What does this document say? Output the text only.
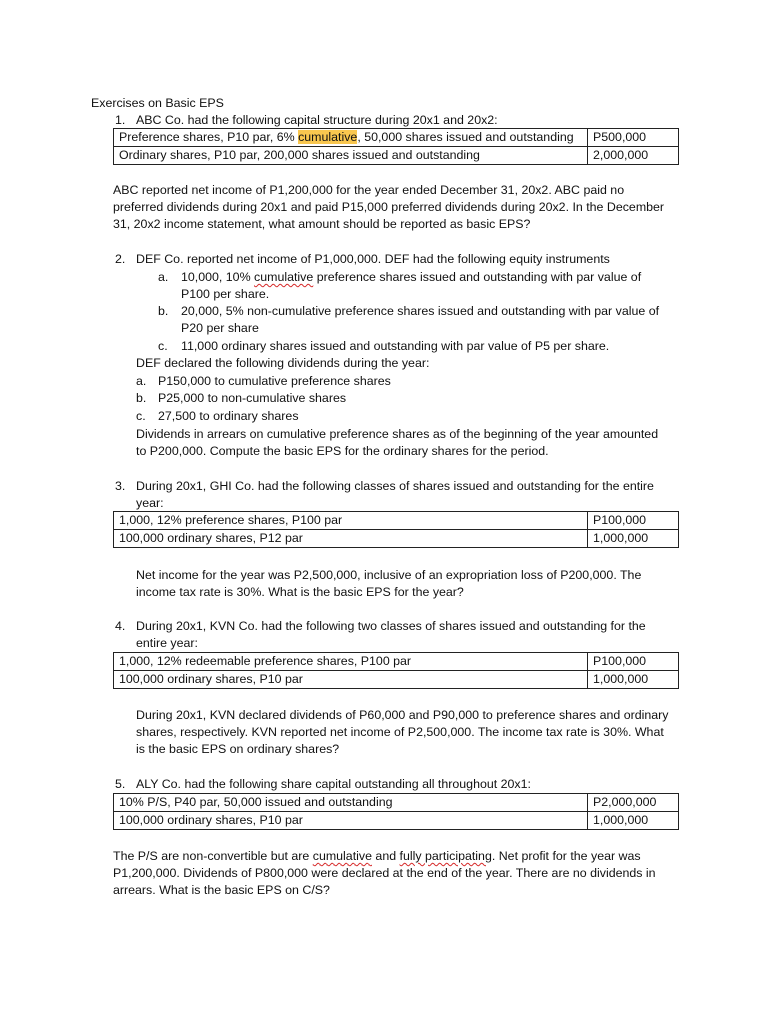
Exercises on Basic EPS

1. ABC Co. had the following capital structure during 20x1 and 20x2:

Preference shares, P10 par, 6% cumulative, 50,000 shares issued and outstanding	P500,000
Ordinary shares, P10 par, 200,000 shares issued and outstanding	2,000,000

ABC reported net income of P1,200,000 for the year ended December 31, 20x2. ABC paid no

preferred dividends during 20x1 and paid P15,000 preferred dividends during 20x2. In the December

31, 20x2 income statement, what amount should be reported as basic EPS?

2. DEF Co. reported net income of P1,000,000. DEF had the following equity instruments

a. 10,000, 10% cumulative preference shares issued and outstanding with par value of

P100 per share.

b. 20,000, 5% non-cumulative preference shares issued and outstanding with par value of

P20 per share

c. 11,000 ordinary shares issued and outstanding with par value of P5 per share.

DEF declared the following dividends during the year:

a. P150,000 to cumulative preference shares

b. P25,000 to non-cumulative shares

c. 27,500 to ordinary shares

Dividends in arrears on cumulative preference shares as of the beginning of the year amounted

to P200,000. Compute the basic EPS for the ordinary shares for the period.

3. During 20x1, GHI Co. had the following classes of shares issued and outstanding for the entire

year:

1,000, 12% preference shares, P100 par	P100,000
100,000 ordinary shares, P12 par	1,000,000

Net income for the year was P2,500,000, inclusive of an expropriation loss of P200,000. The

income tax rate is 30%. What is the basic EPS for the year?

4. During 20x1, KVN Co. had the following two classes of shares issued and outstanding for the

entire year:

1,000, 12% redeemable preference shares, P100 par	P100,000
100,000 ordinary shares, P10 par	1,000,000

During 20x1, KVN declared dividends of P60,000 and P90,000 to preference shares and ordinary

shares, respectively. KVN reported net income of P2,500,000. The income tax rate is 30%. What

is the basic EPS on ordinary shares?

5. ALY Co. had the following share capital outstanding all throughout 20x1:

10% P/S, P40 par, 50,000 issued and outstanding	P2,000,000
100,000 ordinary shares, P10 par	1,000,000

The P/S are non-convertible but are cumulative and fully participating. Net profit for the year was

P1,200,000. Dividends of P800,000 were declared at the end of the year. There are no dividends in

arrears. What is the basic EPS on C/S?
